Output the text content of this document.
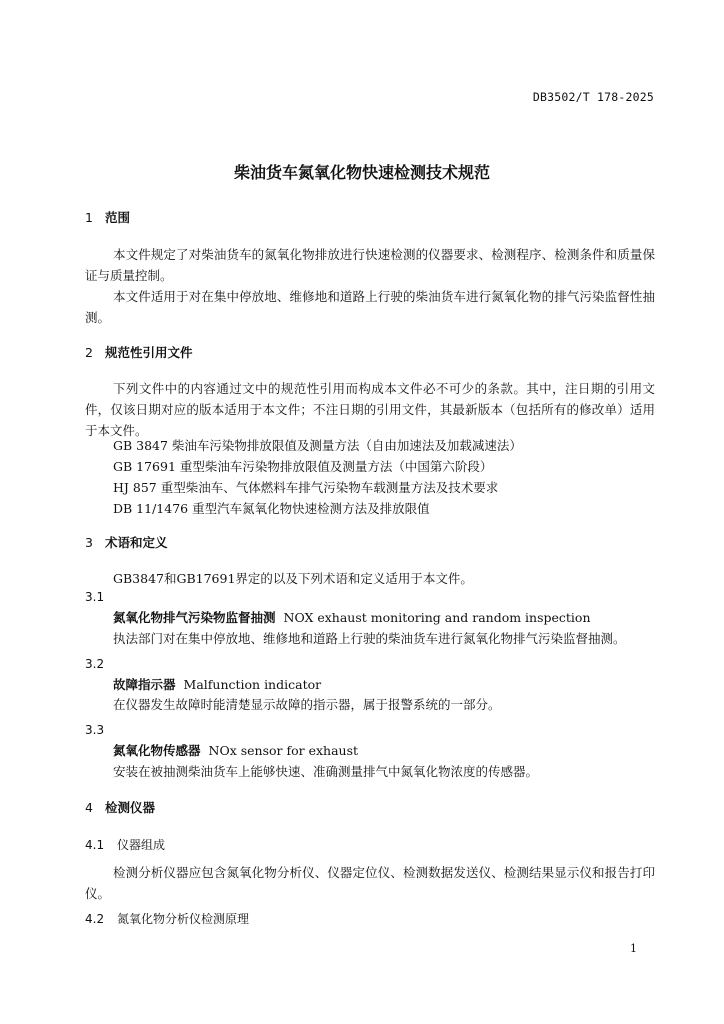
DB3502/T 178-2025
柴油货车氮氧化物快速检测技术规范
1 范围
本文件规定了对柴油货车的氮氧化物排放进行快速检测的仪器要求、检测程序、检测条件和质量保证与质量控制。
本文件适用于对在集中停放地、维修地和道路上行驶的柴油货车进行氮氧化物的排气污染监督性抽测。
2 规范性引用文件
下列文件中的内容通过文中的规范性引用而构成本文件必不可少的条款。其中，注日期的引用文件，仅该日期对应的版本适用于本文件；不注日期的引用文件，其最新版本（包括所有的修改单）适用于本文件。
GB 3847 柴油车污染物排放限值及测量方法（自由加速法及加载减速法）
GB 17691 重型柴油车污染物排放限值及测量方法（中国第六阶段）
HJ 857 重型柴油车、气体燃料车排气污染物车载测量方法及技术要求
DB 11/1476 重型汽车氮氧化物快速检测方法及排放限值
3 术语和定义
GB3847和GB17691界定的以及下列术语和定义适用于本文件。
3.1
氮氧化物排气污染物监督抽测 NOX exhaust monitoring and random inspection
执法部门对在集中停放地、维修地和道路上行驶的柴油货车进行氮氧化物排气污染监督抽测。
3.2
故障指示器 Malfunction indicator
在仪器发生故障时能清楚显示故障的指示器，属于报警系统的一部分。
3.3
氮氧化物传感器 NOx sensor for exhaust
安装在被抽测柴油货车上能够快速、准确测量排气中氮氧化物浓度的传感器。
4 检测仪器
4.1 仪器组成
检测分析仪器应包含氮氧化物分析仪、仪器定位仪、检测数据发送仪、检测结果显示仪和报告打印仪。
4.2 氮氧化物分析仪检测原理
1
